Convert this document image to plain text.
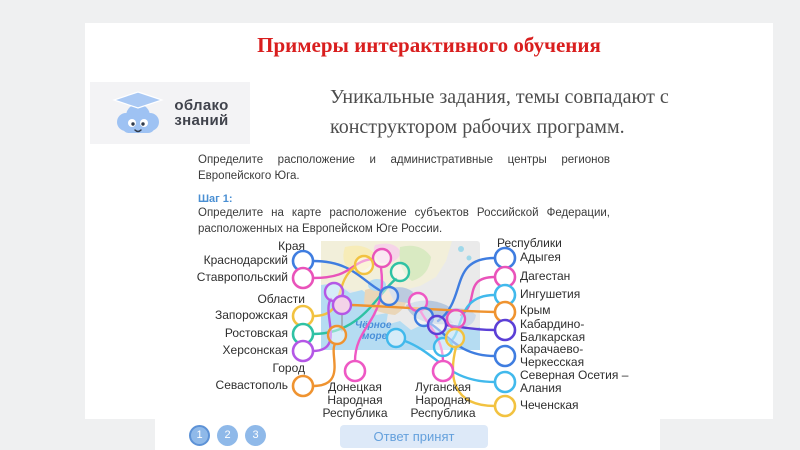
Примеры интерактивного обучения
облако
знаний
Уникальные задания, темы совпадают с конструктором рабочих программ.
Определите расположение и административные центры регионов Европейского Юга.
Шаг 1:
Определите на карте расположение субъектов Российской Федерации, расположенных на Европейском Юге России.
Чёрное
море
Края
Краснодарский
Ставропольский
Области
Запорожская
Ростовская
Херсонская
Город
Севастополь
Республики
Адыгея
Дагестан
Ингушетия
Крым
Кабардино-Балкарская
Карачаево-Черкесская
Северная Осетия – Алания
Чеченская
Донецкая Народная Республика
Луганская Народная Республика
1	2	3	Ответ принят
